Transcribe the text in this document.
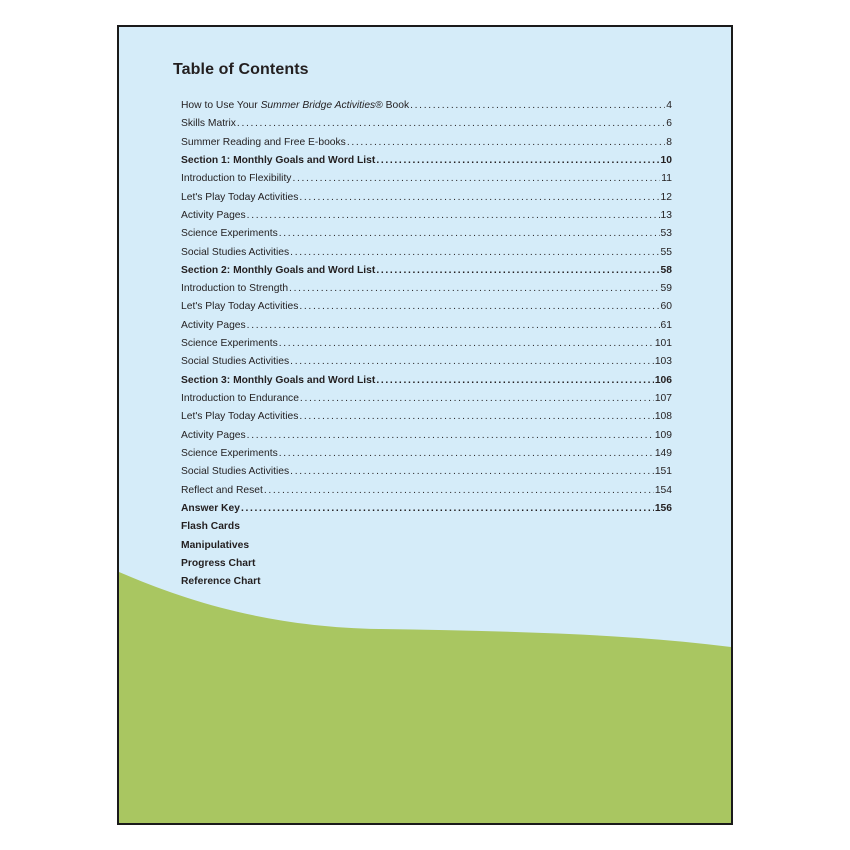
Table of Contents
How to Use Your Summer Bridge Activities® Book . . .	4
Skills Matrix . . .	6
Summer Reading and Free E-books . . .	8
Section 1: Monthly Goals and Word List . . .	10
Introduction to Flexibility . . .	11
Let's Play Today Activities . . .	12
Activity Pages . . .	13
Science Experiments . . .	53
Social Studies Activities . . .	55
Section 2: Monthly Goals and Word List . . .	58
Introduction to Strength . . .	59
Let's Play Today Activities . . .	60
Activity Pages . . .	61
Science Experiments . . .	101
Social Studies Activities . . .	103
Section 3: Monthly Goals and Word List . . .	106
Introduction to Endurance . . .	107
Let's Play Today Activities . . .	108
Activity Pages . . .	109
Science Experiments . . .	149
Social Studies Activities . . .	151
Reflect and Reset . . .	154
Answer Key . . .	156
Flash Cards
Manipulatives
Progress Chart
Reference Chart
